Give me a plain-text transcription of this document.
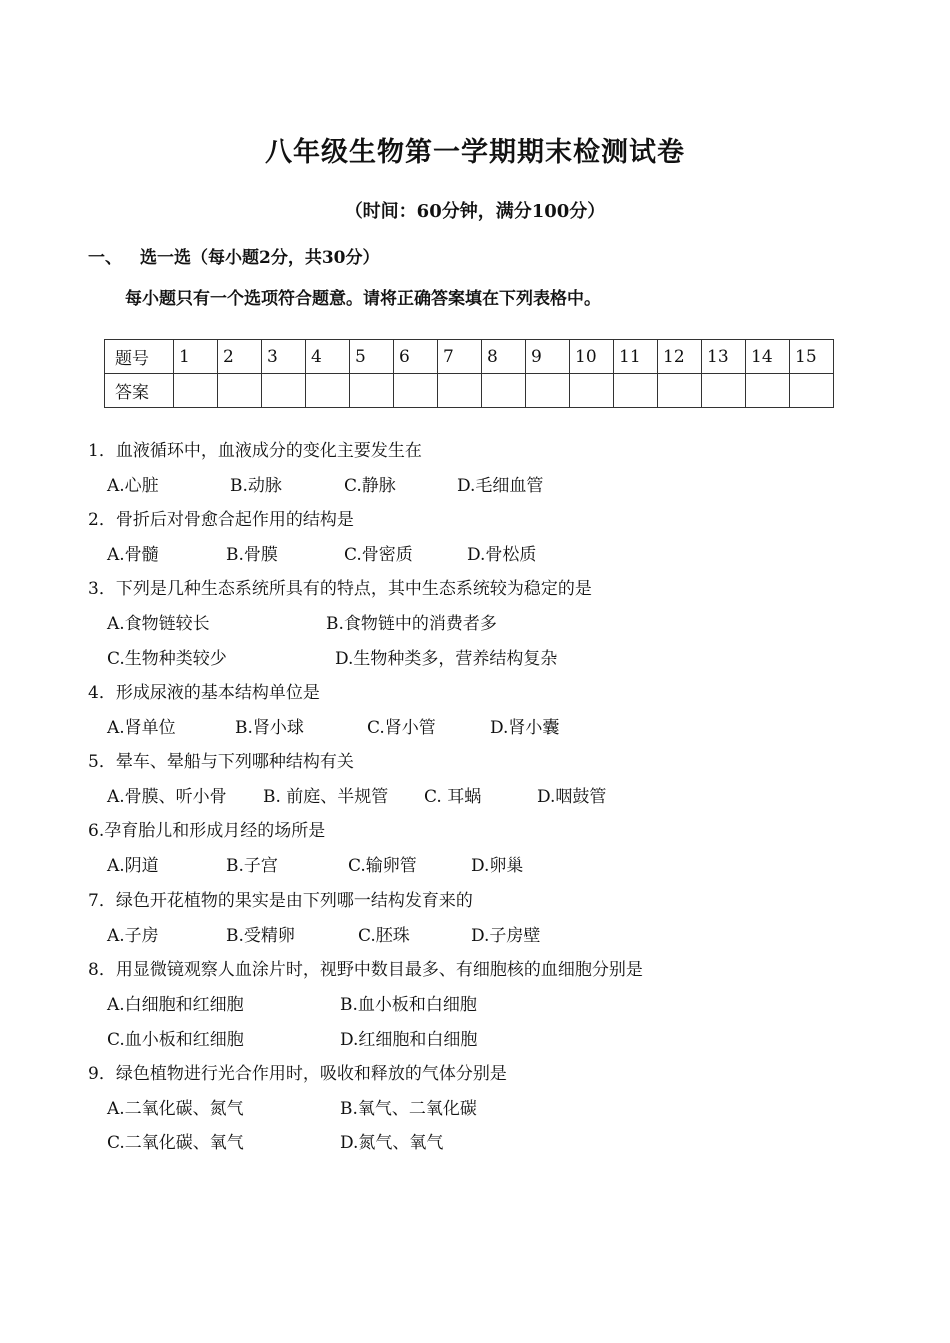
八年级生物第一学期期末检测试卷
（时间：60分钟，满分100分）
一、 选一选（每小题2分，共30分）
每小题只有一个选项符合题意。请将正确答案填在下列表格中。
题号	1	2	3	4	5	6	7	8	9	10	11	12	13	14	15
答案															
1．血液循环中，血液成分的变化主要发生在
A.心脏	B.动脉	C.静脉	D.毛细血管
2．骨折后对骨愈合起作用的结构是
A.骨髓	B.骨膜	C.骨密质	D.骨松质
3．下列是几种生态系统所具有的特点，其中生态系统较为稳定的是
A.食物链较长	B.食物链中的消费者多
C.生物种类较少	D.生物种类多，营养结构复杂
4．形成尿液的基本结构单位是
A.肾单位	B.肾小球	C.肾小管	D.肾小囊
5．晕车、晕船与下列哪种结构有关
A.骨膜、听小骨 B. 前庭、半规管 C. 耳蜗	D.咽鼓管
6.孕育胎儿和形成月经的场所是
A.阴道	B.子宫	C.输卵管	D.卵巢
7．绿色开花植物的果实是由下列哪一结构发育来的
A.子房	B.受精卵	C.胚珠	D.子房壁
8．用显微镜观察人血涂片时，视野中数目最多、有细胞核的血细胞分别是
A.白细胞和红细胞	B.血小板和白细胞
C.血小板和红细胞	D.红细胞和白细胞
9．绿色植物进行光合作用时，吸收和释放的气体分别是
A.二氧化碳、氮气	B.氧气、二氧化碳
C.二氧化碳、氧气	D.氮气、氧气
